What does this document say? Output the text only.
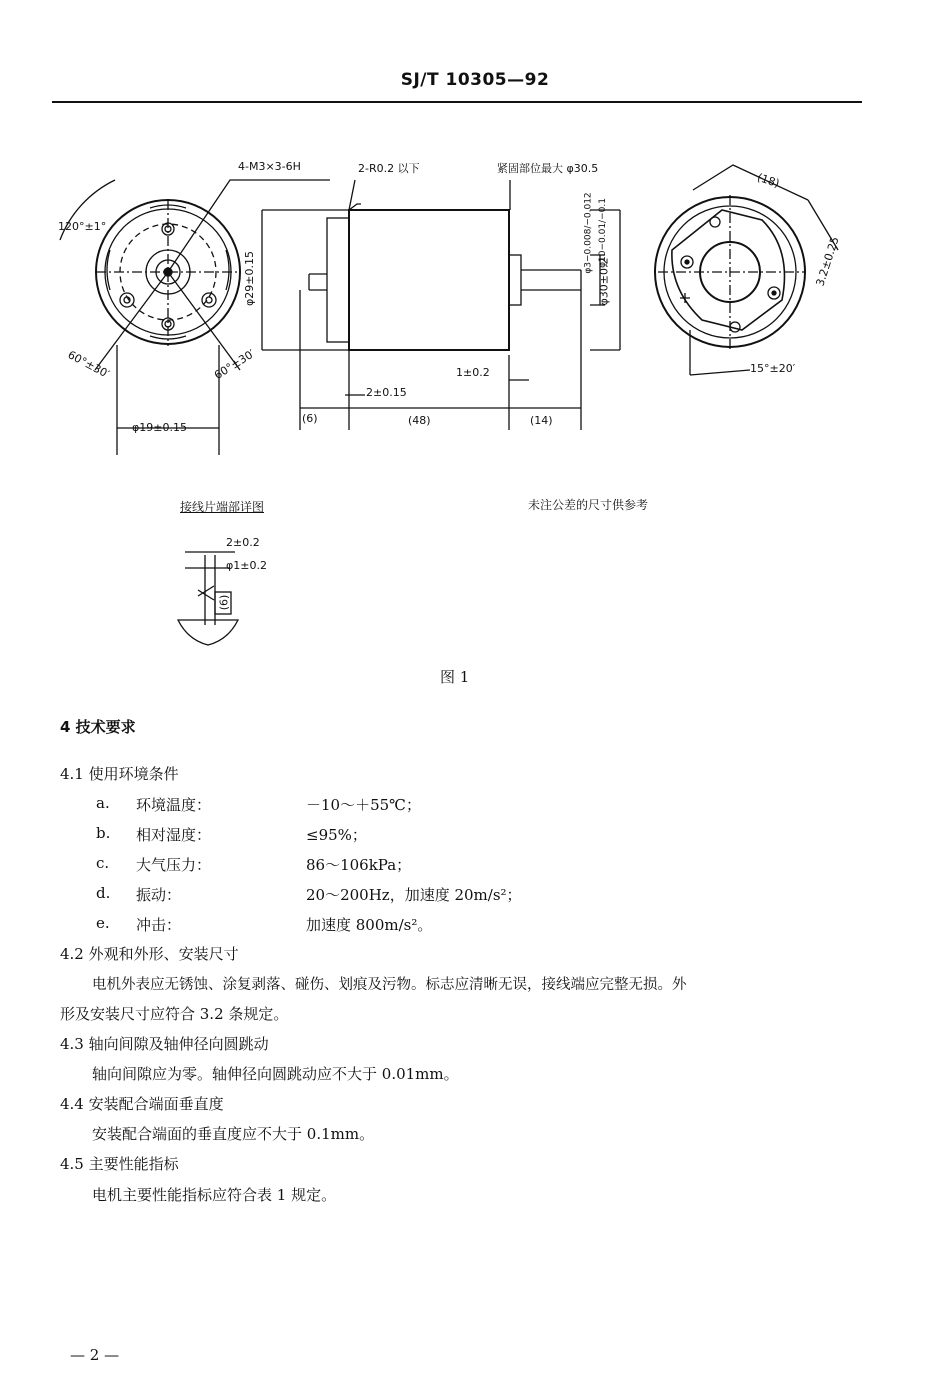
SJ/T 10305—92
4-M3×3-6H	2-R0.2 以下	紧固部位最大 φ30.5
120°±1°
60°±30′	60°±30′
φ19±0.15
φ29±0.15
φ3−0.008/−0.012 φ10−0.01/−0.1
φ30±0.2
2±0.15
1±0.2
(6)	(48)	(14)
(18)
3.2±0.25
15°±20′
接线片端部详图
2±0.2
φ1±0.2
(6)
未注公差的尺寸供参考
图 1
4 技术要求
4.1 使用环境条件
a. 环境温度：	－10～＋55℃；
b. 相对湿度：	≤95%；
c. 大气压力：	86～106kPa；
d. 振动：	20～200Hz，加速度 20m/s²；
e. 冲击：	加速度 800m/s²。
4.2 外观和外形、安装尺寸
电机外表应无锈蚀、涂复剥落、碰伤、划痕及污物。标志应清晰无误，接线端应完整无损。外
形及安装尺寸应符合 3.2 条规定。
4.3 轴向间隙及轴伸径向圆跳动
轴向间隙应为零。轴伸径向圆跳动应不大于 0.01mm。
4.4 安装配合端面垂直度
安装配合端面的垂直度应不大于 0.1mm。
4.5 主要性能指标
电机主要性能指标应符合表 1 规定。
— 2 —
